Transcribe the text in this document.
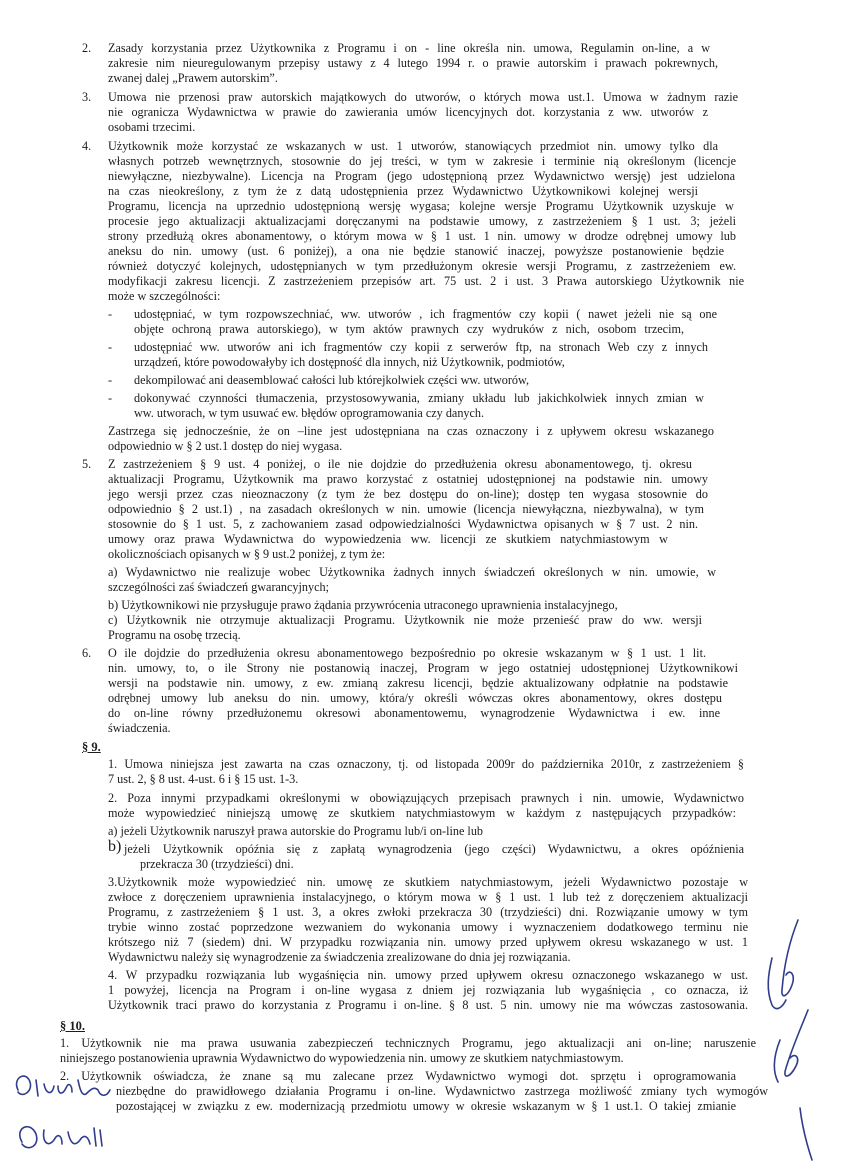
2. Zasady korzystania przez Użytkownika z Programu i on - line określa nin. umowa, Regulamin on-line, a w
zakresie nim nieuregulowanym przepisy ustawy z 4 lutego 1994 r. o prawie autorskim i prawach pokrewnych,
zwanej dalej „Prawem autorskim”.
3. Umowa nie przenosi praw autorskich majątkowych do utworów, o których mowa ust.1. Umowa w żadnym razie
nie ogranicza Wydawnictwa w prawie do zawierania umów licencyjnych dot. korzystania z ww. utworów z
osobami trzecimi.
4. Użytkownik może korzystać ze wskazanych w ust. 1 utworów, stanowiących przedmiot nin. umowy tylko dla
własnych potrzeb wewnętrznych, stosownie do jej treści, w tym w zakresie i terminie nią określonym (licencje
niewyłączne, niezbywalne). Licencja na Program (jego udostępnioną przez Wydawnictwo wersję) jest udzielona
na czas nieokreślony, z tym że z datą udostępnienia przez Wydawnictwo Użytkownikowi kolejnej wersji
Programu, licencja na uprzednio udostępnioną wersję wygasa; kolejne wersje Programu Użytkownik uzyskuje w
procesie jego aktualizacji aktualizacjami doręczanymi na podstawie umowy, z zastrzeżeniem § 1 ust. 3; jeżeli
strony przedłużą okres abonamentowy, o którym mowa w § 1 ust. 1 nin. umowy w drodze odrębnej umowy lub
aneksu do nin. umowy (ust. 6 poniżej), a ona nie będzie stanowić inaczej, powyższe postanowienie będzie
również dotyczyć kolejnych, udostępnianych w tym przedłużonym okresie wersji Programu, z zastrzeżeniem ew.
modyfikacji zakresu licencji. Z zastrzeżeniem przepisów art. 75 ust. 2 i ust. 3 Prawa autorskiego Użytkownik nie
może w szczególności:
- udostępniać, w tym rozpowszechniać, ww. utworów , ich fragmentów czy kopii ( nawet jeżeli nie są one
objęte ochroną prawa autorskiego), w tym aktów prawnych czy wydruków z nich, osobom trzecim,
- udostępniać ww. utworów ani ich fragmentów czy kopii z serwerów ftp, na stronach Web czy z innych
urządzeń, które powodowałyby ich dostępność dla innych, niż Użytkownik, podmiotów,
- dekompilować ani deasemblować całości lub którejkolwiek części ww. utworów,
- dokonywać czynności tłumaczenia, przystosowywania, zmiany układu lub jakichkolwiek innych zmian w
ww. utworach, w tym usuwać ew. błędów oprogramowania czy danych.
Zastrzega się jednocześnie, że on –line jest udostępniana na czas oznaczony i z upływem okresu wskazanego
odpowiednio w § 2 ust.1 dostęp do niej wygasa.
5. Z zastrzeżeniem § 9 ust. 4 poniżej, o ile nie dojdzie do przedłużenia okresu abonamentowego, tj. okresu
aktualizacji Programu, Użytkownik ma prawo korzystać z ostatniej udostępnionej na podstawie nin. umowy
jego wersji przez czas nieoznaczony (z tym że bez dostępu do on-line); dostęp ten wygasa stosownie do
odpowiednio § 2 ust.1) , na zasadach określonych w nin. umowie (licencja niewyłączna, niezbywalna), w tym
stosownie do § 1 ust. 5, z zachowaniem zasad odpowiedzialności Wydawnictwa opisanych w § 7 ust. 2 nin.
umowy oraz prawa Wydawnictwa do wypowiedzenia ww. licencji ze skutkiem natychmiastowym w
okolicznościach opisanych w § 9 ust.2 poniżej, z tym że:
a) Wydawnictwo nie realizuje wobec Użytkownika żadnych innych świadczeń określonych w nin. umowie, w
szczególności zaś świadczeń gwarancyjnych;
b) Użytkownikowi nie przysługuje prawo żądania przywrócenia utraconego uprawnienia instalacyjnego,
c) Użytkownik nie otrzymuje aktualizacji Programu. Użytkownik nie może przenieść praw do ww. wersji
Programu na osobę trzecią.
6. O ile dojdzie do przedłużenia okresu abonamentowego bezpośrednio po okresie wskazanym w § 1 ust. 1 lit.
nin. umowy, to, o ile Strony nie postanowią inaczej, Program w jego ostatniej udostępnionej Użytkownikowi
wersji na podstawie nin. umowy, z ew. zmianą zakresu licencji, będzie aktualizowany odpłatnie na podstawie
odrębnej umowy lub aneksu do nin. umowy, która/y określi wówczas okres abonamentowy, okres dostępu
do on-line równy przedłużonemu okresowi abonamentowemu, wynagrodzenie Wydawnictwa i ew. inne
świadczenia.
§ 9.
1. Umowa niniejsza jest zawarta na czas oznaczony, tj. od listopada 2009r do października 2010r, z zastrzeżeniem §
7 ust. 2, § 8 ust. 4-ust. 6 i § 15 ust. 1-3.
2. Poza innymi przypadkami określonymi w obowiązujących przepisach prawnych i nin. umowie, Wydawnictwo
może wypowiedzieć niniejszą umowę ze skutkiem natychmiastowym w każdym z następujących przypadków:
a) jeżeli Użytkownik naruszył prawa autorskie do Programu lub/i on-line lub
b) jeżeli Użytkownik opóźnia się z zapłatą wynagrodzenia (jego części) Wydawnictwu, a okres opóźnienia
przekracza 30 (trzydzieści) dni.
3.Użytkownik może wypowiedzieć nin. umowę ze skutkiem natychmiastowym, jeżeli Wydawnictwo pozostaje w
zwłoce z doręczeniem uprawnienia instalacyjnego, o którym mowa w § 1 ust. 1 lub też z doręczeniem aktualizacji
Programu, z zastrzeżeniem § 1 ust. 3, a okres zwłoki przekracza 30 (trzydzieści) dni. Rozwiązanie umowy w tym
trybie winno zostać poprzedzone wezwaniem do wykonania umowy i wyznaczeniem dodatkowego terminu nie
krótszego niż 7 (siedem) dni. W przypadku rozwiązania nin. umowy przed upływem okresu wskazanego w ust. 1
Wydawnictwu należy się wynagrodzenie za świadczenia zrealizowane do dnia jej rozwiązania.
4. W przypadku rozwiązania lub wygaśnięcia nin. umowy przed upływem okresu oznaczonego wskazanego w ust.
1 powyżej, licencja na Program i on-line wygasa z dniem jej rozwiązania lub wygaśnięcia , co oznacza, iż
Użytkownik traci prawo do korzystania z Programu i on-line. § 8 ust. 5 nin. umowy nie ma wówczas zastosowania.
§ 10.
1. Użytkownik nie ma prawa usuwania zabezpieczeń technicznych Programu, jego aktualizacji ani on-line; naruszenie
niniejszego postanowienia uprawnia Wydawnictwo do wypowiedzenia nin. umowy ze skutkiem natychmiastowym.
2. Użytkownik oświadcza, że znane są mu zalecane przez Wydawnictwo wymogi dot. sprzętu i oprogramowania
niezbędne do prawidłowego działania Programu i on-line. Wydawnictwo zastrzega możliwość zmiany tych wymogów
pozostającej w związku z ew. modernizacją przedmiotu umowy w okresie wskazanym w § 1 ust.1. O takiej zmianie
